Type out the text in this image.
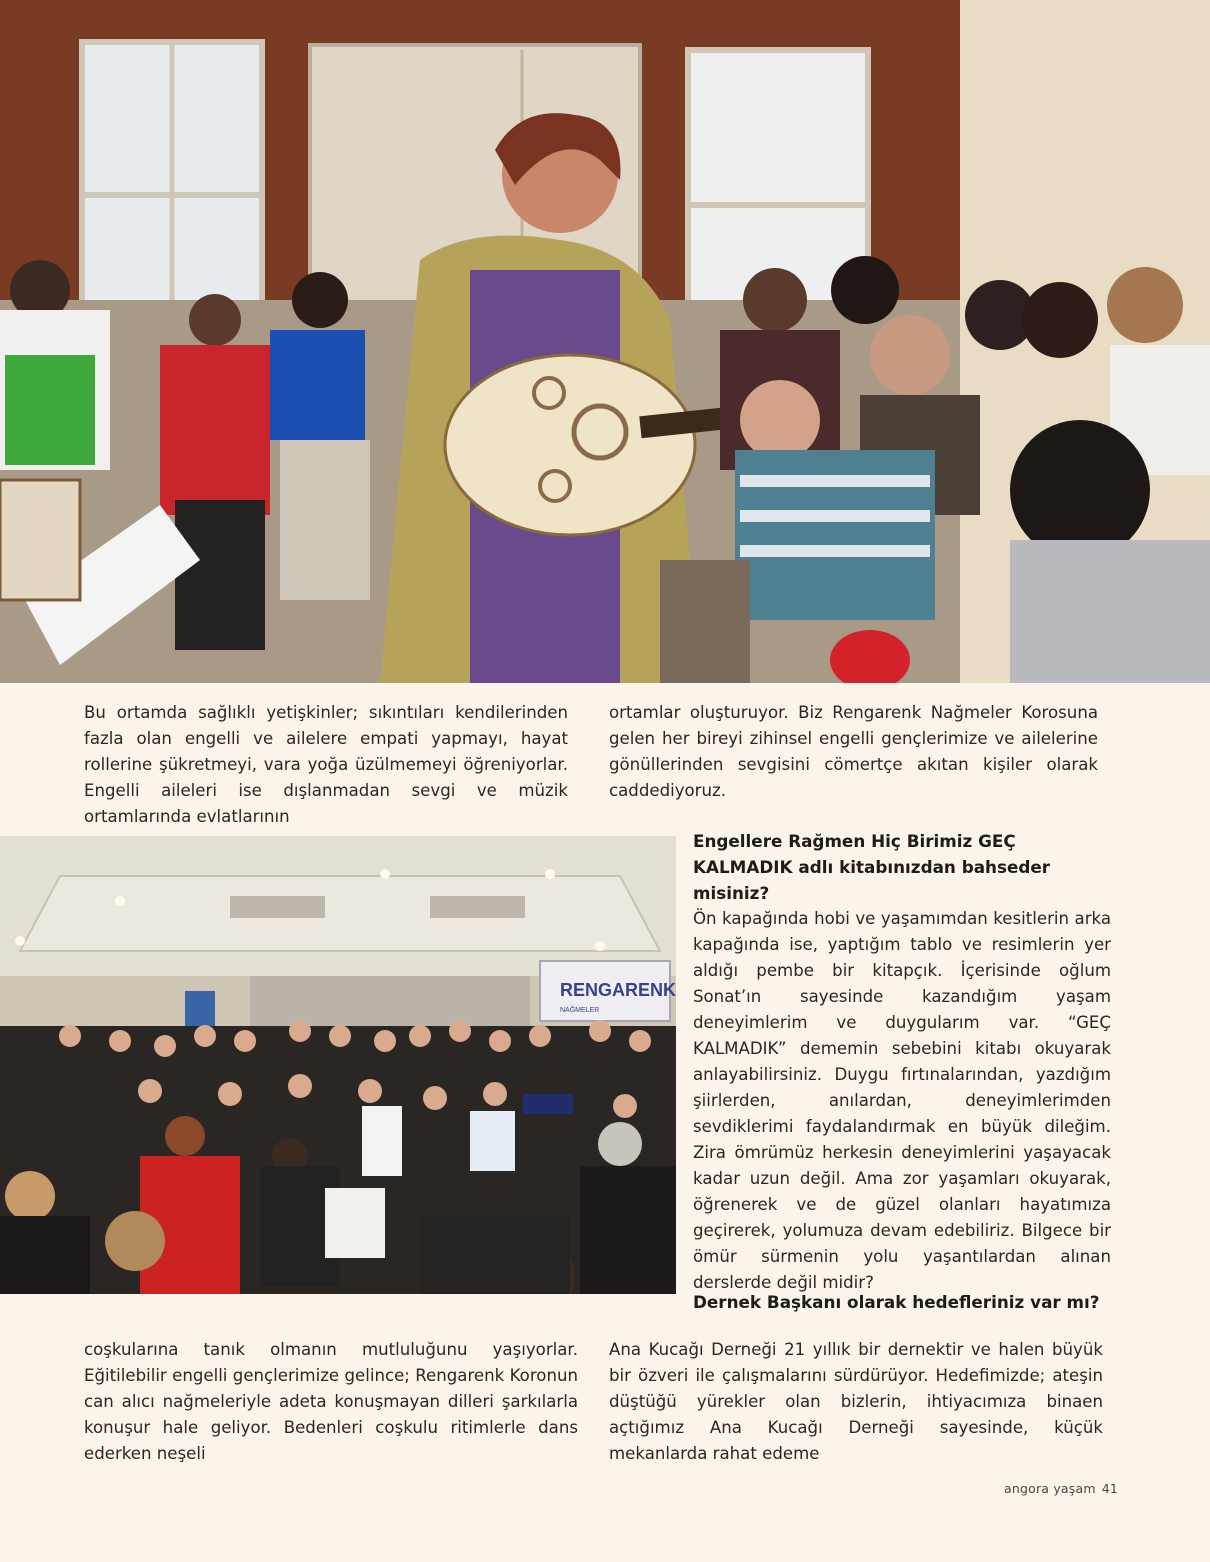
Bu ortamda sağlıklı yetişkinler; sıkıntıları kendilerinden fazla olan engelli ve ailelere empati yapmayı, hayat rollerine şükretmeyi, vara yoğa üzülmemeyi öğreniyorlar. Engelli aileleri ise dışlanmadan sevgi ve müzik ortamlarında evlatlarının

ortamlar oluşturuyor. Biz Rengarenk Nağmeler Korosuna gelen her bireyi zihinsel engelli gençlerimize ve ailelerine gönüllerinden sevgisini cömertçe akıtan kişiler olarak caddediyoruz.

RENGARENK
NAĞMELER

Engellere Rağmen Hiç Birimiz GEÇ KALMADIK adlı kitabınızdan bahseder misiniz?

Ön kapağında hobi ve yaşamımdan kesitlerin arka kapağında ise, yaptığım tablo ve resimlerin yer aldığı pembe bir kitapçık. İçerisinde oğlum Sonat’ın sayesinde kazandığım yaşam deneyimlerim ve duygularım var. “GEÇ KALMADIK” dememin sebebini kitabı okuyarak anlayabilirsiniz. Duygu fırtınalarından, yazdığım şiirlerden, anılardan, deneyimlerimden sevdiklerimi faydalandırmak en büyük dileğim. Zira ömrümüz herkesin deneyimlerini yaşayacak kadar uzun değil. Ama zor yaşamları okuyarak, öğrenerek ve de güzel olanları hayatımıza geçirerek, yolumuza devam edebiliriz. Bilgece bir ömür sürmenin yolu yaşantılardan alınan derslerde değil midir?

Dernek Başkanı olarak hedefleriniz var mı?

coşkularına tanık olmanın mutluluğunu yaşıyorlar. Eğitilebilir engelli gençlerimize gelince; Rengarenk Koronun can alıcı nağmeleriyle adeta konuşmayan dilleri şarkılarla konuşur hale geliyor. Bedenleri coşkulu ritimlerle dans ederken neşeli

Ana Kucağı Derneği 21 yıllık bir dernektir ve halen büyük bir özveri ile çalışmalarını sürdürüyor. Hedefimizde; ateşin düştüğü yürekler olan bizlerin, ihtiyacımıza binaen açtığımız Ana Kucağı Derneği sayesinde, küçük mekanlarda rahat edeme

angora yaşam 41
